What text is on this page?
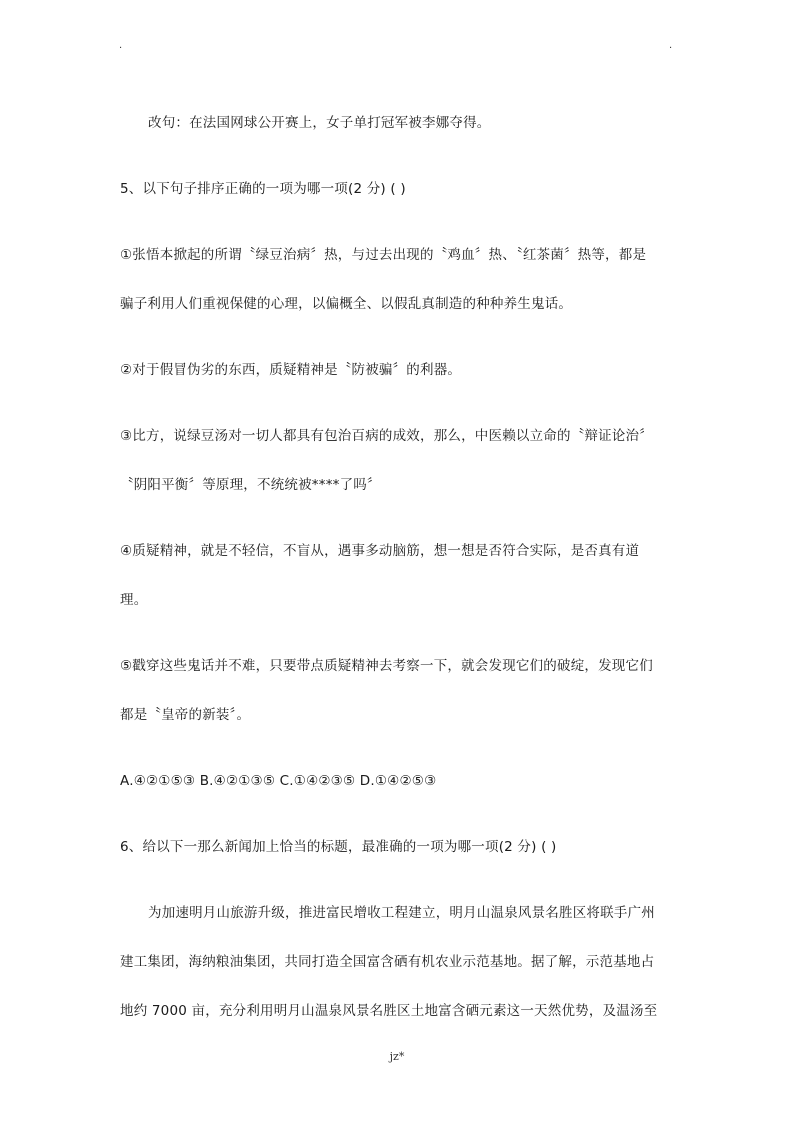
·	·
改句：在法国网球公开赛上，女子单打冠军被李娜夺得。
5、以下句子排序正确的一项为哪一项(2 分) ( )
①张悟本掀起的所谓〝绿豆治病〞热，与过去出现的〝鸡血〞热、〝红茶菌〞热等，都是
骗子利用人们重视保健的心理，以偏概全、以假乱真制造的种种养生鬼话。
②对于假冒伪劣的东西，质疑精神是〝防被骗〞的利器。
③比方，说绿豆汤对一切人都具有包治百病的成效，那么，中医赖以立命的〝辩证论治〞
〝阴阳平衡〞等原理，不统统被****了吗〞
④质疑精神，就是不轻信，不盲从，遇事多动脑筋，想一想是否符合实际，是否真有道
理。
⑤戳穿这些鬼话并不难，只要带点质疑精神去考察一下，就会发现它们的破绽，发现它们
都是〝皇帝的新装〞。
A.④②①⑤③ B.④②①③⑤ C.①④②③⑤ D.①④②⑤③
6、给以下一那么新闻加上恰当的标题，最准确的一项为哪一项(2 分) ( )
为加速明月山旅游升级，推进富民增收工程建立，明月山温泉风景名胜区将联手广州
建工集团，海纳粮油集团，共同打造全国富含硒有机农业示范基地。据了解，示范基地占
地约 7000 亩，充分利用明月山温泉风景名胜区土地富含硒元素这一天然优势，及温汤至
jz*
